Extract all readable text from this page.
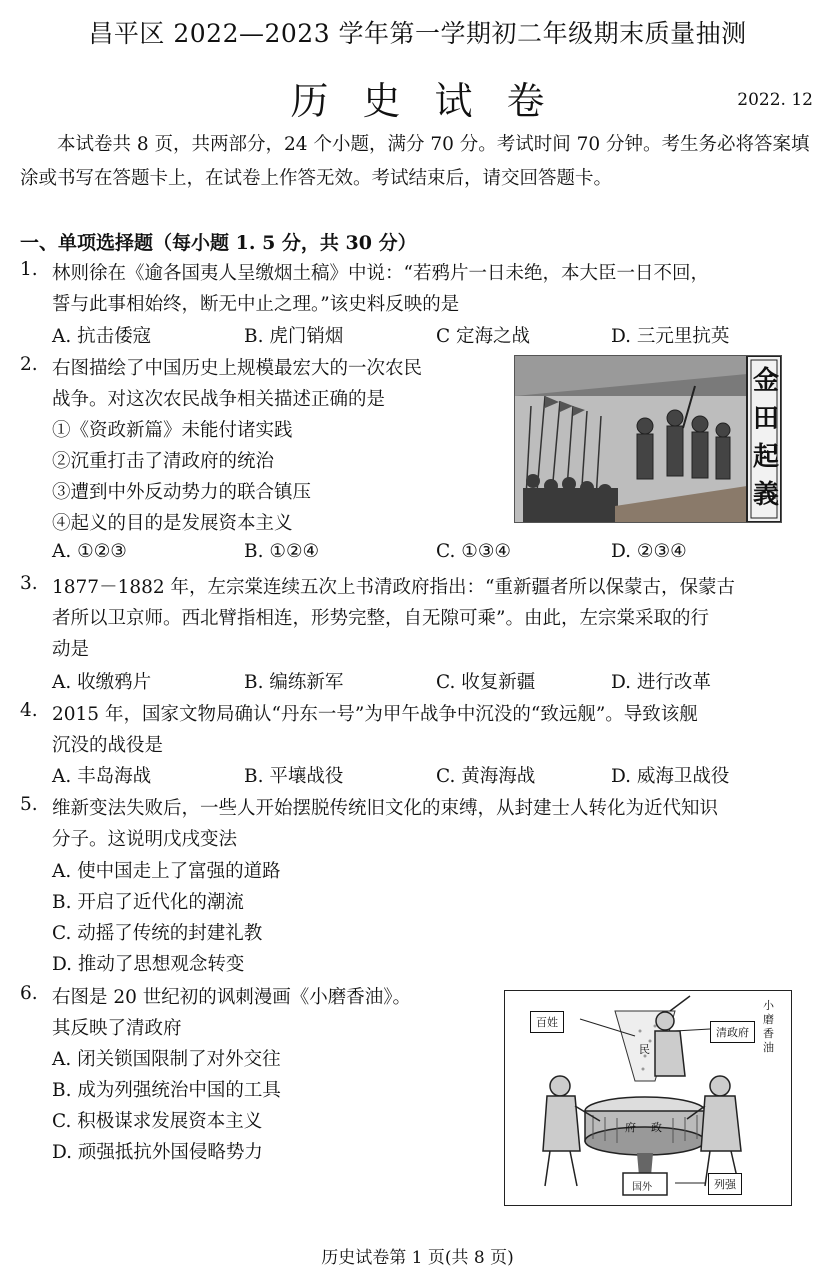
昌平区 2022—2023 学年第一学期初二年级期末质量抽测
历史试卷	2022. 12
本试卷共 8 页，共两部分，24 个小题，满分 70 分。考试时间 70 分钟。考生务必将答案填涂或书写在答题卡上，在试卷上作答无效。考试结束后，请交回答题卡。
一、单项选择题（每小题 1. 5 分，共 30 分）
1. 林则徐在《逾各国夷人呈缴烟土稿》中说：“若鸦片一日未绝，本大臣一日不回，
誓与此事相始终，断无中止之理。”该史料反映的是
A. 抗击倭寇	B. 虎门销烟	C 定海之战	D. 三元里抗英
2. 右图描绘了中国历史上规模最宏大的一次农民
战争。对这次农民战争相关描述正确的是
①《资政新篇》未能付诸实践
②沉重打击了清政府的统治
③遭到中外反动势力的联合镇压
④起义的目的是发展资本主义
A. ①②③	B. ①②④	C. ①③④	D. ②③④
金田起義
3. 1877－1882 年，左宗棠连续五次上书清政府指出：“重新疆者所以保蒙古，保蒙古
者所以卫京师。西北臂指相连，形势完整，自无隙可乘”。由此，左宗棠采取的行
动是
A. 收缴鸦片	B. 编练新军	C. 收复新疆	D. 进行改革
4. 2015 年，国家文物局确认“丹东一号”为甲午战争中沉没的“致远舰”。导致该舰
沉没的战役是
A. 丰岛海战	B. 平壤战役	C. 黄海海战	D. 威海卫战役
5. 维新变法失败后，一些人开始摆脱传统旧文化的束缚，从封建士人转化为近代知识
分子。这说明戊戌变法
A. 使中国走上了富强的道路
B. 开启了近代化的潮流
C. 动摇了传统的封建礼教
D. 推动了思想观念转变
6. 右图是 20 世纪初的讽刺漫画《小磨香油》。
其反映了清政府
A. 闭关锁国限制了对外交往
B. 成为列强统治中国的工具
C. 积极谋求发展资本主义
D. 顽强抵抗外国侵略势力
百姓
清政府
小磨香油
民
府 政
国外	列强
历史试卷第 1 页(共 8 页)
